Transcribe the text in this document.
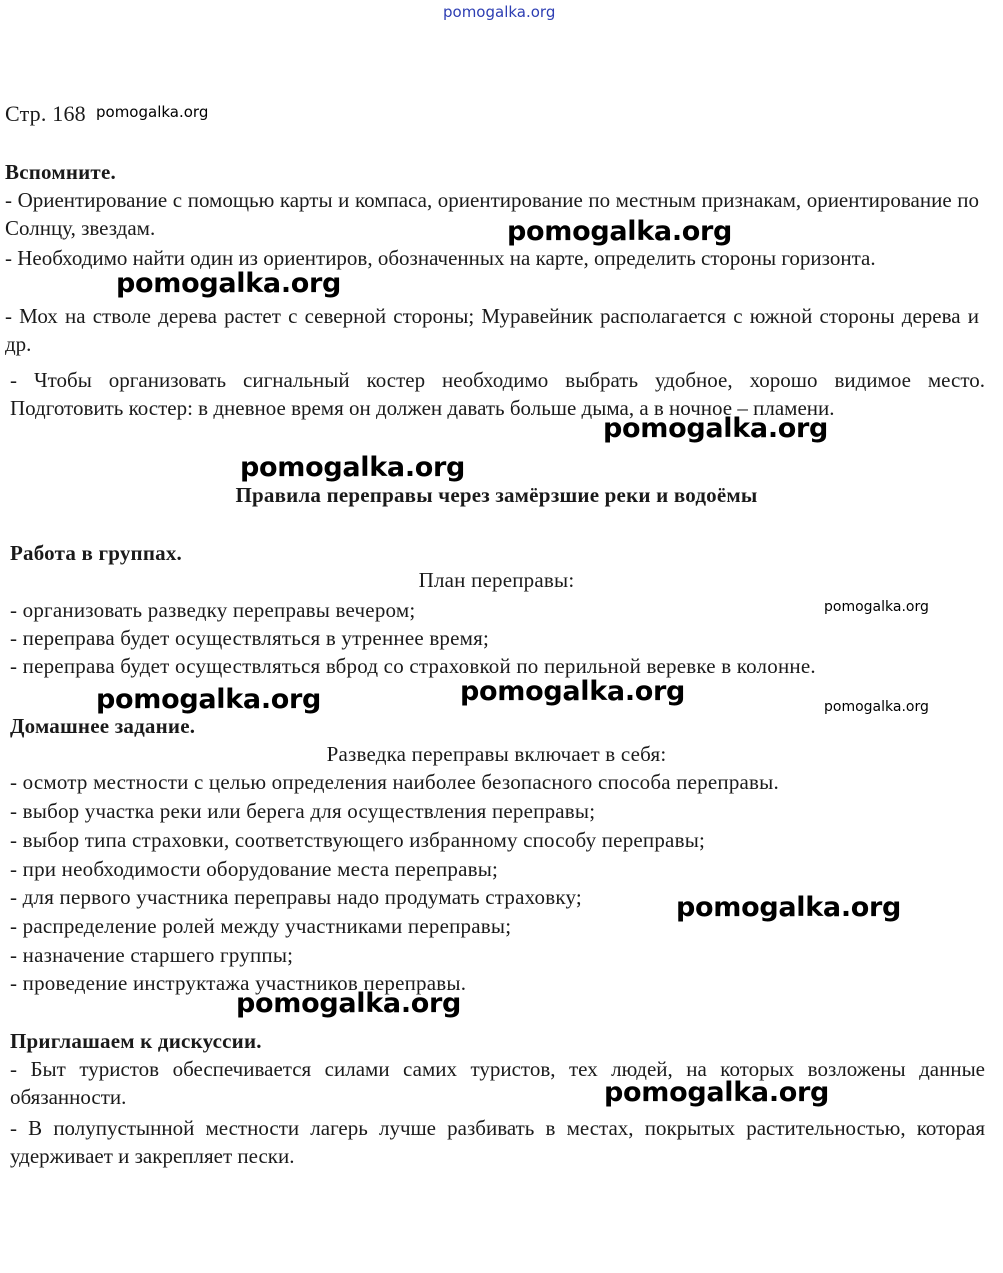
pomogalka.org
Стр. 168 pomogalka.org
Вспомните.
- Ориентирование с помощью карты и компаса, ориентирование по местным признакам, ориентирование по Солнцу, звездам.
- Необходимо найти один из ориентиров, обозначенных на карте, определить стороны горизонта.
- Мох на стволе дерева растет с северной стороны; Муравейник располагается с южной стороны дерева и др.
- Чтобы организовать сигнальный костер необходимо выбрать удобное, хорошо видимое место. Подготовить костер: в дневное время он должен давать больше дыма, а в ночное – пламени.
Правила переправы через замёрзшие реки и водоёмы
Работа в группах.
План переправы:
- организовать разведку переправы вечером;
- переправа будет осуществляться в утреннее время;
- переправа будет осуществляться вброд со страховкой по перильной веревке в колонне.
Домашнее задание.
Разведка переправы включает в себя:
- осмотр местности с целью определения наиболее безопасного способа переправы.
- выбор участка реки или берега для осуществления переправы;
- выбор типа страховки, соответствующего избранному способу переправы;
- при необходимости оборудование места переправы;
- для первого участника переправы надо продумать страховку;
- распределение ролей между участниками переправы;
- назначение старшего группы;
- проведение инструктажа участников переправы.
Приглашаем к дискуссии.
- Быт туристов обеспечивается силами самих туристов, тех людей, на которых возложены данные обязанности.
- В полупустынной местности лагерь лучше разбивать в местах, покрытых растительностью, которая удерживает и закрепляет пески.
pomogalka.org
pomogalka.org
pomogalka.org
pomogalka.org
pomogalka.org
pomogalka.org	pomogalka.org	pomogalka.org
pomogalka.org
pomogalka.org
pomogalka.org
